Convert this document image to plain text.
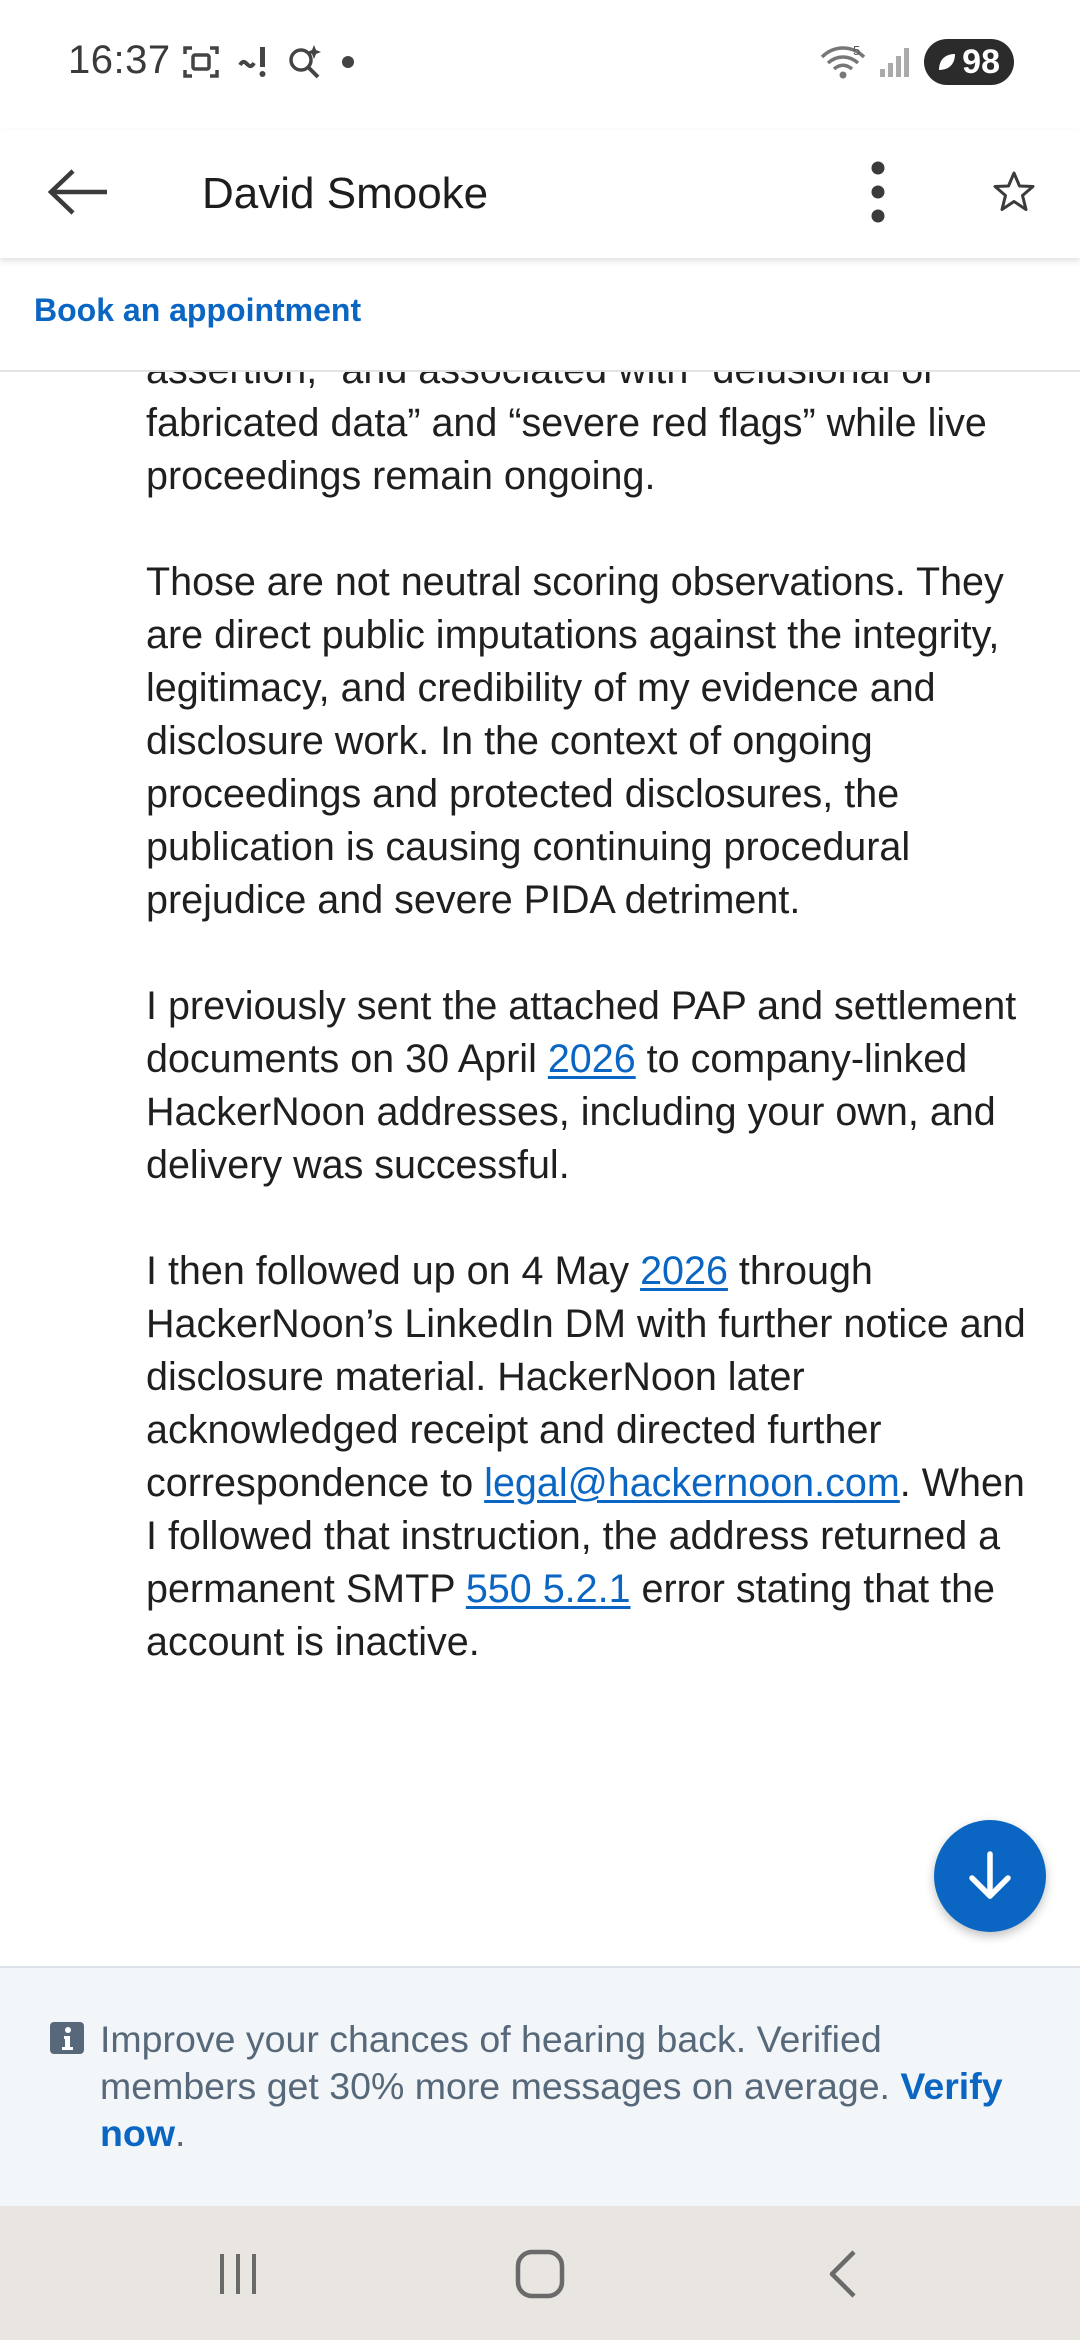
16:37	5	98
David Smooke
Book an appointment

fabricated data” and “severe red flags” while live proceedings remain ongoing.

Those are not neutral scoring observations. They are direct public imputations against the integrity, legitimacy, and credibility of my evidence and disclosure work. In the context of ongoing proceedings and protected disclosures, the publication is causing continuing procedural prejudice and severe PIDA detriment.

I previously sent the attached PAP and settlement documents on 30 April 2026 to company-linked HackerNoon addresses, including your own, and delivery was successful.

I then followed up on 4 May 2026 through HackerNoon’s LinkedIn DM with further notice and disclosure material. HackerNoon later acknowledged receipt and directed further correspondence to legal@hackernoon.com. When I followed that instruction, the address returned a permanent SMTP 550 5.2.1 error stating that the account is inactive.

Improve your chances of hearing back. Verified members get 30% more messages on average. Verify now.
